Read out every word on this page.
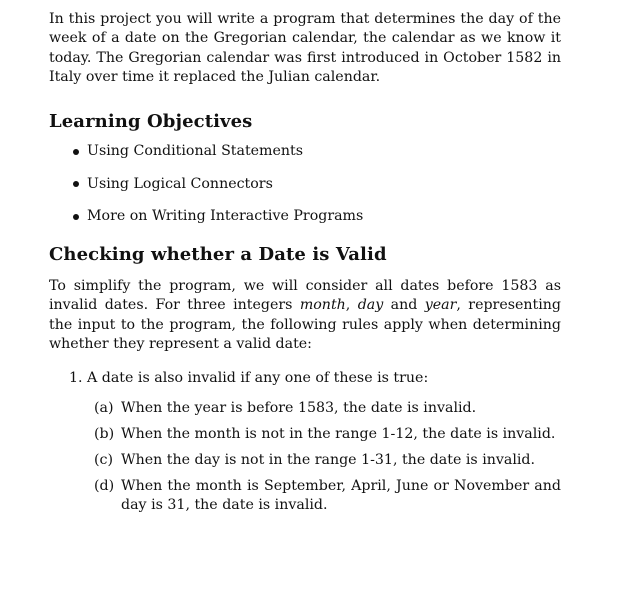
In this project you will write a program that determines the day of the week of a date on the Gregorian calendar, the calendar as we know it today. The Gregorian calendar was first introduced in October 1582 in Italy over time it replaced the Julian calendar.

Learning Objectives
Using Conditional Statements
Using Logical Connectors
More on Writing Interactive Programs
Checking whether a Date is Valid

To simplify the program, we will consider all dates before 1583 as invalid dates. For three integers month, day and year, representing the input to the program, the following rules apply when determining whether they represent a valid date:

1. A date is also invalid if any one of these is true:
(a) When the year is before 1583, the date is invalid.
(b) When the month is not in the range 1-12, the date is invalid.
(c) When the day is not in the range 1-31, the date is invalid.
(d) When the month is September, April, June or November and day is 31, the date is invalid.
